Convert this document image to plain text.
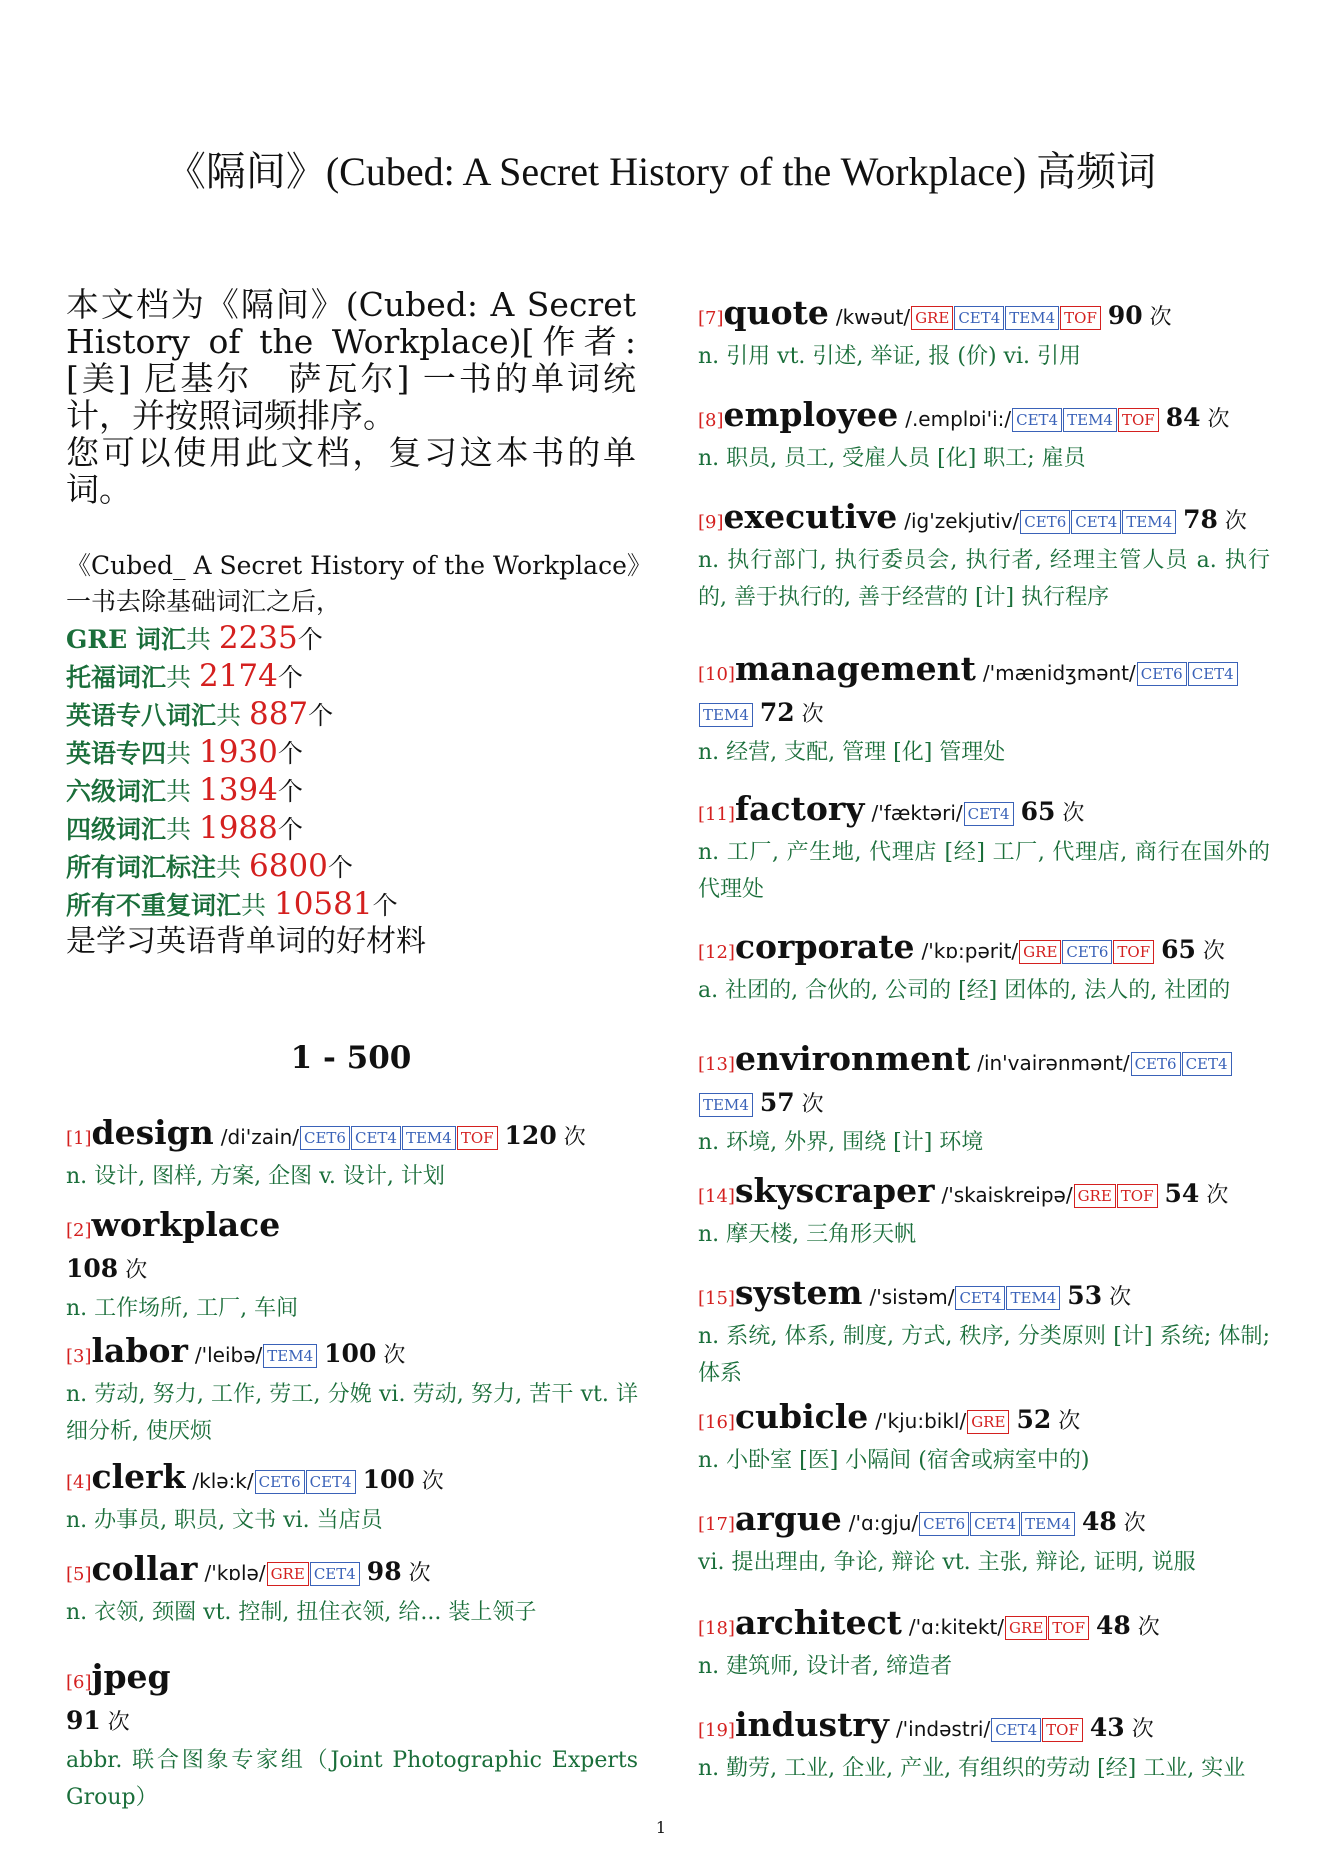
《隔间》(Cubed: A Secret History of the Workplace) 高频词

本文档为《隔间》(Cubed: A Secret History of the Workplace)[作者: [美] 尼基尔　萨瓦尔] 一书的单词统计，并按照词频排序。

您可以使用此文档，复习这本书的单词。

《Cubed_ A Secret History of the Workplace》一书去除基础词汇之后，
GRE 词汇共 2235个
托福词汇共 2174个
英语专八词汇共 887个
英语专四共 1930个
六级词汇共 1394个
四级词汇共 1988个
所有词汇标注共 6800个
所有不重复词汇共 10581个
是学习英语背单词的好材料
1 - 500
[1]design /di'zain/ CET6 CET4 TEM4 TOF 120 次
n. 设计, 图样, 方案, 企图 v. 设计, 计划
[2]workplace
108 次
n. 工作场所, 工厂, 车间
[3]labor /'leibə/ TEM4 100 次
n. 劳动, 努力, 工作, 劳工, 分娩 vi. 劳动, 努力, 苦干 vt. 详细分析, 使厌烦
[4]clerk /klə:k/ CET6 CET4 100 次
n. 办事员, 职员, 文书 vi. 当店员
[5]collar /'kɒlə/ GRE CET4 98 次
n. 衣领, 颈圈 vt. 控制, 扭住衣领, 给... 装上领子
[6]jpeg
91 次
abbr. 联合图象专家组（Joint Photographic Experts Group）
[7]quote /kwəut/ GRE CET4 TEM4 TOF 90 次
n. 引用 vt. 引述, 举证, 报 (价) vi. 引用
[8]employee /.emplɒi'i:/ CET4 TEM4 TOF 84 次
n. 职员, 员工, 受雇人员 [化] 职工; 雇员
[9]executive /ig'zekjutiv/ CET6 CET4 TEM4 78 次
n. 执行部门, 执行委员会, 执行者, 经理主管人员 a. 执行的, 善于执行的, 善于经营的 [计] 执行程序
[10]management /'mænidʒmənt/ CET6 CET4TEM4 72 次
n. 经营, 支配, 管理 [化] 管理处
[11]factory /'fæktəri/ CET4 65 次
n. 工厂, 产生地, 代理店 [经] 工厂, 代理店, 商行在国外的代理处
[12]corporate /'kɒ:pərit/ GRE CET6 TOF 65 次
a. 社团的, 合伙的, 公司的 [经] 团体的, 法人的, 社团的
[13]environment /in'vairənmənt/ CET6 CET4TEM4 57 次
n. 环境, 外界, 围绕 [计] 环境
[14]skyscraper /'skaiskreipə/ GRE TOF 54 次
n. 摩天楼, 三角形天帆
[15]system /'sistəm/ CET4 TEM4 53 次
n. 系统, 体系, 制度, 方式, 秩序, 分类原则 [计] 系统; 体制; 体系
[16]cubicle /'kju:bikl/ GRE 52 次
n. 小卧室 [医] 小隔间 (宿舍或病室中的)
[17]argue /'ɑ:gju/ CET6 CET4 TEM4 48 次
vi. 提出理由, 争论, 辩论 vt. 主张, 辩论, 证明, 说服
[18]architect /'ɑ:kitekt/ GRE TOF 48 次
n. 建筑师, 设计者, 缔造者
[19]industry /'indəstri/ CET4 TOF 43 次
n. 勤劳, 工业, 企业, 产业, 有组织的劳动 [经] 工业, 实业
1
